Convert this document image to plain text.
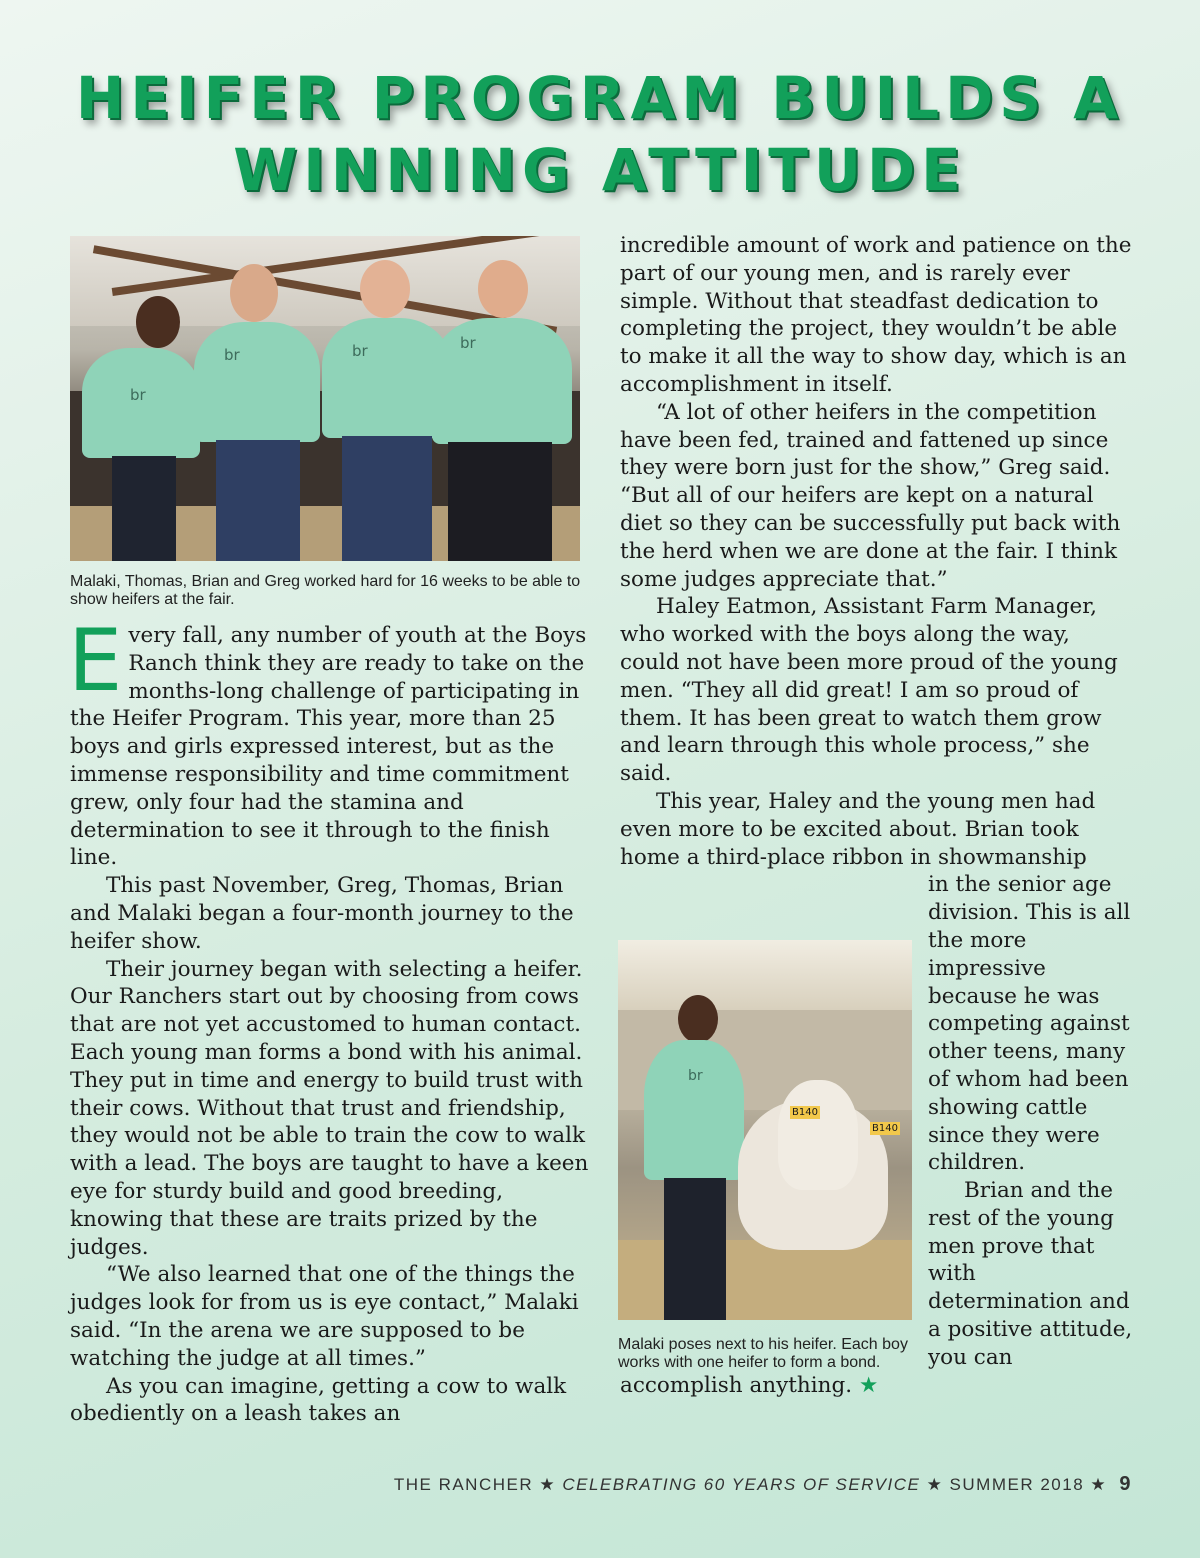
HEIFER PROGRAM BUILDS A WINNING ATTITUDE
br
br	br	br
Malaki, Thomas, Brian and Greg worked hard for 16 weeks to be able to show heifers at the fair.

Every fall, any number of youth at the Boys Ranch think they are ready to take on the months-long challenge of participating in the Heifer Program. This year, more than 25 boys and girls expressed interest, but as the immense responsibility and time commitment grew, only four had the stamina and determination to see it through to the finish line.

This past November, Greg, Thomas, Brian and Malaki began a four-month journey to the heifer show.

Their journey began with selecting a heifer. Our Ranchers start out by choosing from cows that are not yet accustomed to human contact. Each young man forms a bond with his animal. They put in time and energy to build trust with their cows. Without that trust and friendship, they would not be able to train the cow to walk with a lead. The boys are taught to have a keen eye for sturdy build and good breeding, knowing that these are traits prized by the judges.

“We also learned that one of the things the judges look for from us is eye contact,” Malaki said. “In the arena we are supposed to be watching the judge at all times.”

As you can imagine, getting a cow to walk obediently on a leash takes an

incredible amount of work and patience on the part of our young men, and is rarely ever simple. Without that steadfast dedication to completing the project, they wouldn’t be able to make it all the way to show day, which is an accomplishment in itself.

“A lot of other heifers in the competition have been fed, trained and fattened up since they were born just for the show,” Greg said. “But all of our heifers are kept on a natural diet so they can be successfully put back with the herd when we are done at the fair. I think some judges appreciate that.”

Haley Eatmon, Assistant Farm Manager, who worked with the boys along the way, could not have been more proud of the young men. “They all did great! I am so proud of them. It has been great to watch them grow and learn through this whole process,” she said.

This year, Haley and the young men had even more to be excited about. Brian took home a third-place ribbon in showmanship

in the senior age division. This is all the more impressive because he was competing against other teens, many of whom had been showing cattle since they were children.

Brian and the rest of the young men prove that with determination and a positive attitude, you can accomplish anything. ★

br
B140
B140
Malaki poses next to his heifer. Each boy works with one heifer to form a bond.
THE RANCHER ★ CELEBRATING 60 YEARS OF SERVICE ★ SUMMER 2018 ★ 9
